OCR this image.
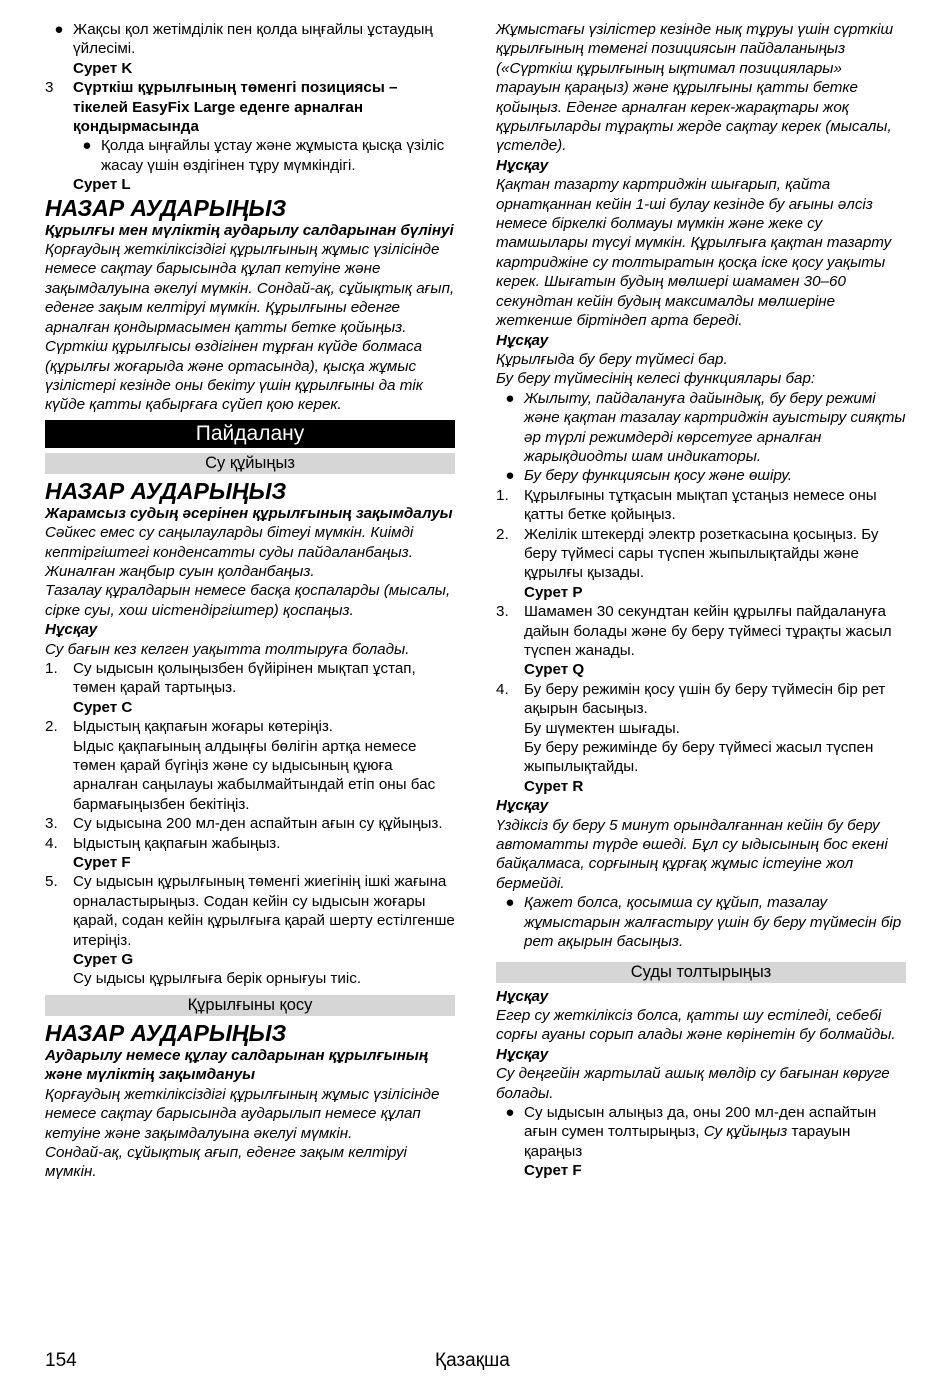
● Жақсы қол жетімділік пен қолда ыңғайлы ұстаудың үйлесімі.

Сурет K

3	Сүрткіш құрылғының төменгі позициясы – тікелей EasyFix Large еденге арналған қондырмасында
● Қолда ыңғайлы ұстау және жұмыста қысқа үзіліс жасау үшін өздігінен тұру мүмкіндігі.

Сурет L

НАЗАР АУДАРЫҢЫЗ

Құрылғы мен мүліктің аударылу салдарынан бүлінуі

Қорғаудың жеткіліксіздігі құрылғының жұмыс үзілісінде немесе сақтау барысында құлап кетуіне және зақымдалуына әкелуі мүмкін. Сондай-ақ, сұйықтық ағып, еденге зақым келтіруі мүмкін. Құрылғыны еденге арналған қондырмасымен қатты бетке қойыңыз. Сүрткіш құрылғысы өздігінен тұрған күйде болмаса (құрылғы жоғарыда және ортасында), қысқа жұмыс үзілістері кезінде оны бекіту үшін құрылғыны да тік күйде қатты қабырғаға сүйеп қою керек.

Пайдалану
Су құйыңыз

НАЗАР АУДАРЫҢЫЗ

Жарамсыз судың әсерінен құрылғының зақымдалуы

Сәйкес емес су саңылауларды бітеуі мүмкін. Киімді кептіргіштегі конденсатты суды пайдаланбаңыз.

Жиналған жаңбыр суын қолданбаңыз.

Тазалау құралдарын немесе басқа қоспаларды (мысалы, сірке суы, хош иістендіргіштер) қоспаңыз.

Нұсқау

Су бағын кез келген уақытта толтыруға болады.

1.	Су ыдысын қолыңызбен бүйірінен мықтап ұстап, төмен қарай тартыңыз.

Сурет C

2.	Ыдыстың қақпағын жоғары көтеріңіз.

Ыдыс қақпағының алдыңғы бөлігін артқа немесе төмен қарай бүгіңіз және су ыдысының құюға арналған саңылауы жабылмайтындай етіп оны бас бармағыңызбен бекітіңіз.

3.	Су ыдысына 200 мл-ден аспайтын ағын су құйыңыз.
4.	Ыдыстың қақпағын жабыңыз.

Сурет F

5.	Су ыдысын құрылғының төменгі жиегінің ішкі жағына орналастырыңыз. Содан кейін су ыдысын жоғары қарай, содан кейін құрылғыға қарай шерту естілгенше итеріңіз.

Сурет G

Су ыдысы құрылғыға берік орнығуы тиіс.

Құрылғыны қосу

НАЗАР АУДАРЫҢЫЗ

Аударылу немесе құлау салдарынан құрылғының және мүліктің зақымдануы

Қорғаудың жеткіліксіздігі құрылғының жұмыс үзілісінде немесе сақтау барысында аударылып немесе құлап кетуіне және зақымдалуына әкелуі мүмкін.

Сондай-ақ, сұйықтық ағып, еденге зақым келтіруі мүмкін.

Жұмыстағы үзілістер кезінде нық тұруы үшін сүрткіш құрылғының төменгі позициясын пайдаланыңыз («Сүрткіш құрылғының ықтимал позициялары» тарауын қараңыз) және құрылғыны қатты бетке қойыңыз. Еденге арналған керек-жарақтары жоқ құрылғыларды тұрақты жерде сақтау керек (мысалы, үстелде).

Нұсқау

Қақтан тазарту картриджін шығарып, қайта орнатқаннан кейін 1-ші булау кезінде бу ағыны әлсіз немесе біркелкі болмауы мүмкін және жеке су тамшылары түсуі мүмкін. Құрылғыға қақтан тазарту картриджіне су толтыратын қосқа іске қосу уақыты керек. Шығатын будың мөлшері шамамен 30–60 секундтан кейін будың максималды мөлшеріне жеткенше біртіндеп арта береді.

Нұсқау

Құрылғыда бу беру түймесі бар.

Бу беру түймесінің келесі функциялары бар:

● Жылыту, пайдалануға дайындық, бу беру режимі және қақтан тазалау картриджін ауыстыру сияқты әр түрлі режимдерді көрсетуге арналған жарықдиодты шам индикаторы.
● Бу беру функциясын қосу және өшіру.
1.	Құрылғыны тұтқасын мықтап ұстаңыз немесе оны қатты бетке қойыңыз.
2.	Желілік штекерді электр розеткасына қосыңыз. Бу беру түймесі сары түспен жыпылықтайды және құрылғы қызады.

Сурет P

3.	Шамамен 30 секундтан кейін құрылғы пайдалануға дайын болады және бу беру түймесі тұрақты жасыл түспен жанады.

Сурет Q

4.	Бу беру режимін қосу үшін бу беру түймесін бір рет ақырын басыңыз.

Бу шүмектен шығады.

Бу беру режимінде бу беру түймесі жасыл түспен жыпылықтайды.

Сурет R

Нұсқау

Үздіксіз бу беру 5 минут орындалғаннан кейін бу беру автоматты түрде өшеді. Бұл су ыдысының бос екені байқалмаса, сорғының құрғақ жұмыс істеуіне жол бермейді.

● Қажет болса, қосымша су құйып, тазалау жұмыстарын жалғастыру үшін бу беру түймесін бір рет ақырын басыңыз.
Суды толтырыңыз

Нұсқау

Егер су жеткіліксіз болса, қатты шу естіледі, себебі сорғы ауаны сорып алады және көрінетін бу болмайды.

Нұсқау

Су деңгейін жартылай ашық мөлдір су бағынан көруге болады.

● Су ыдысын алыңыз да, оны 200 мл-ден аспайтын ағын сумен толтырыңыз, Су құйыңыз тарауын қараңыз

Сурет F

154	Қазақша
